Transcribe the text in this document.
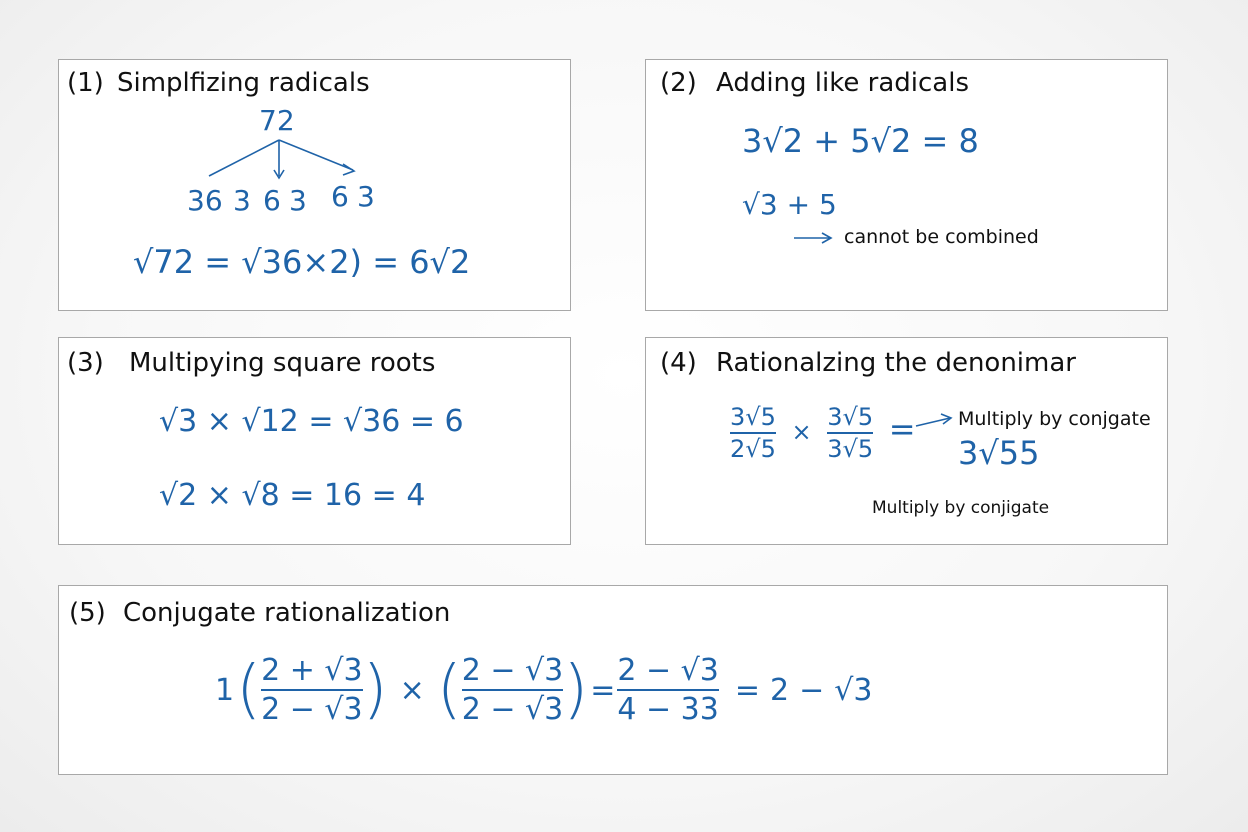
(1) Simplfizing radicals
72
36 3 6 3 6 3
√ 72 = √ 36×2) = 6 √ 2
(2) Adding like radicals
3 √ 2 + 5 √ 2 = 8
√ 3 + 5
cannot be combined
(3) Multipying square roots
√ 3 × √ 12 = √ 36 = 6
√ 2 × √ 8 = 16 = 4
(4) Rationalzing the denonimar
$\frac{3 √ 5}{2 √ 5} \times \frac{3 √ 5}{3 √ 5}$ = Multiply by conjgate
3 √ 55
Multiply by conjigate
(5) Conjugate rationalization
1 ( $\frac{2 + √ 3}{2 - √ 3}$ ) × ( $\frac{2 - √ 3}{2 - √ 3}$ ) = $\frac{2 - √ 3}{4 - 33} = 2$ − √ 3
